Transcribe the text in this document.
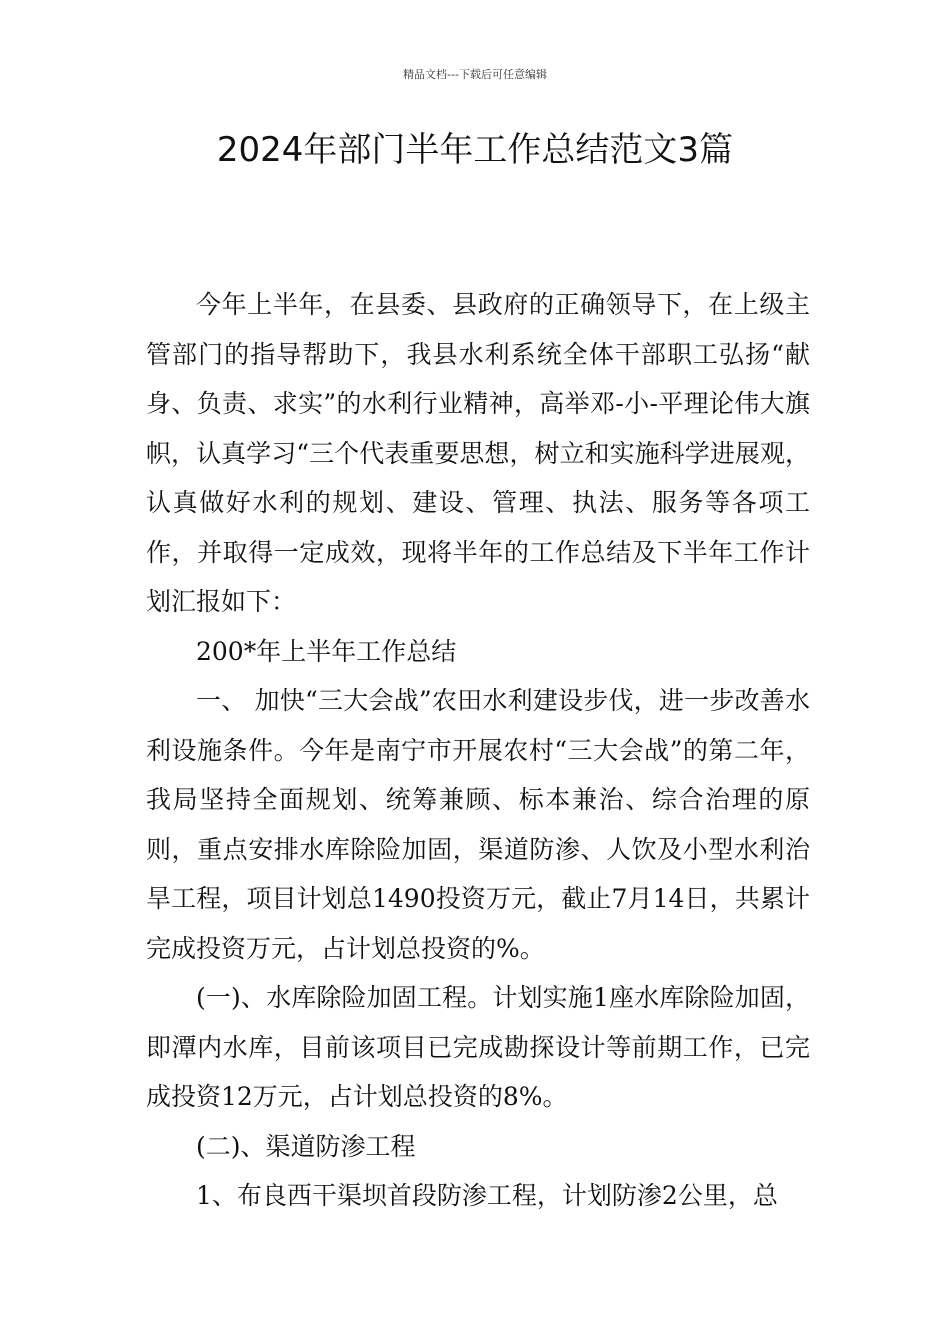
精品文档---下载后可任意编辑
2024年部门半年工作总结范文3篇

今年上半年，在县委、县政府的正确领导下，在上级主管部门的指导帮助下，我县水利系统全体干部职工弘扬“献身、负责、求实”的水利行业精神，高举邓-小-平理论伟大旗帜，认真学习“三个代表重要思想，树立和实施科学进展观，认真做好水利的规划、建设、管理、执法、服务等各项工作，并取得一定成效，现将半年的工作总结及下半年工作计划汇报如下：

200*年上半年工作总结

一、 加快“三大会战”农田水利建设步伐，进一步改善水利设施条件。今年是南宁市开展农村“三大会战”的第二年，我局坚持全面规划、统筹兼顾、标本兼治、综合治理的原则，重点安排水库除险加固，渠道防渗、人饮及小型水利治旱工程，项目计划总1490投资万元，截止7月14日，共累计完成投资万元，占计划总投资的%。

(一)、水库除险加固工程。计划实施1座水库除险加固，即潭内水库，目前该项目已完成勘探设计等前期工作，已完成投资12万元，占计划总投资的8%。

(二)、渠道防渗工程

1、布良西干渠坝首段防渗工程，计划防渗2公里，总
